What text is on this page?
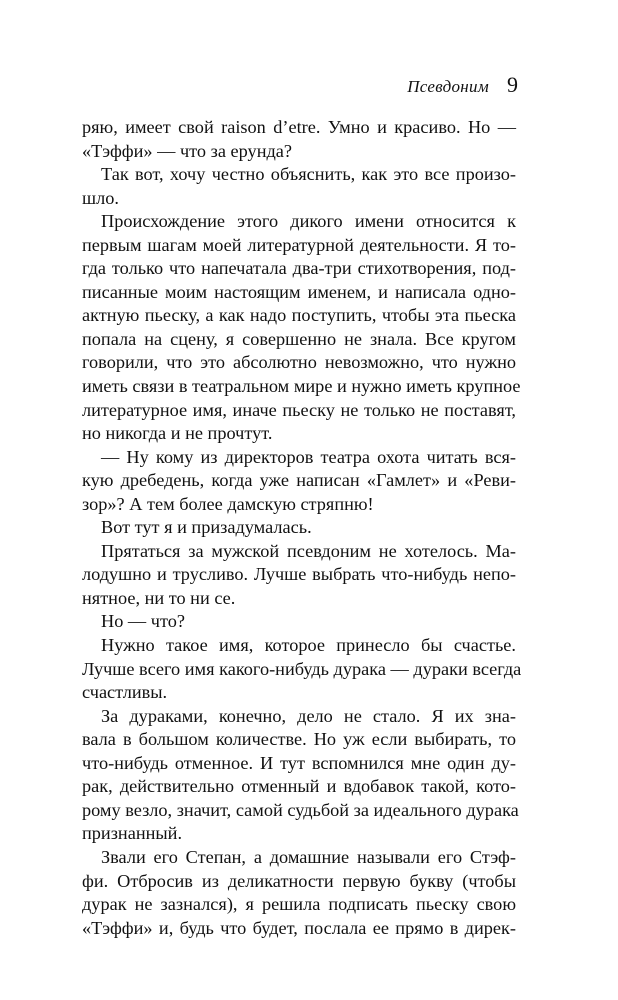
Псевдоним 9
ряю, имеет свой raison d’etre. Умно и красиво. Но —
«Тэффи» — что за ерунда?
Так вот, хочу честно объяснить, как это все произо-
шло.
Происхождение этого дикого имени относится к
первым шагам моей литературной деятельности. Я то-
гда только что напечатала два-три стихотворения, под-
писанные моим настоящим именем, и написала одно-
актную пьеску, а как надо поступить, чтобы эта пьеска
попала на сцену, я совершенно не знала. Все кругом
говорили, что это абсолютно невозможно, что нужно
иметь связи в театральном мире и нужно иметь крупное
литературное имя, иначе пьеску не только не поставят,
но никогда и не прочтут.
— Ну кому из директоров театра охота читать вся-
кую дребедень, когда уже написан «Гамлет» и «Реви-
зор»? А тем более дамскую стряпню!
Вот тут я и призадумалась.
Прятаться за мужской псевдоним не хотелось. Ма-
лодушно и трусливо. Лучше выбрать что-нибудь непо-
нятное, ни то ни се.
Но — что?
Нужно такое имя, которое принесло бы счастье.
Лучше всего имя какого-нибудь дурака — дураки всегда
счастливы.
За дураками, конечно, дело не стало. Я их зна-
вала в большом количестве. Но уж если выбирать, то
что-нибудь отменное. И тут вспомнился мне один ду-
рак, действительно отменный и вдобавок такой, кото-
рому везло, значит, самой судьбой за идеального дурака
признанный.
Звали его Степан, а домашние называли его Стэф-
фи. Отбросив из деликатности первую букву (чтобы
дурак не зазнался), я решила подписать пьеску свою
«Тэффи» и, будь что будет, послала ее прямо в дирек-
